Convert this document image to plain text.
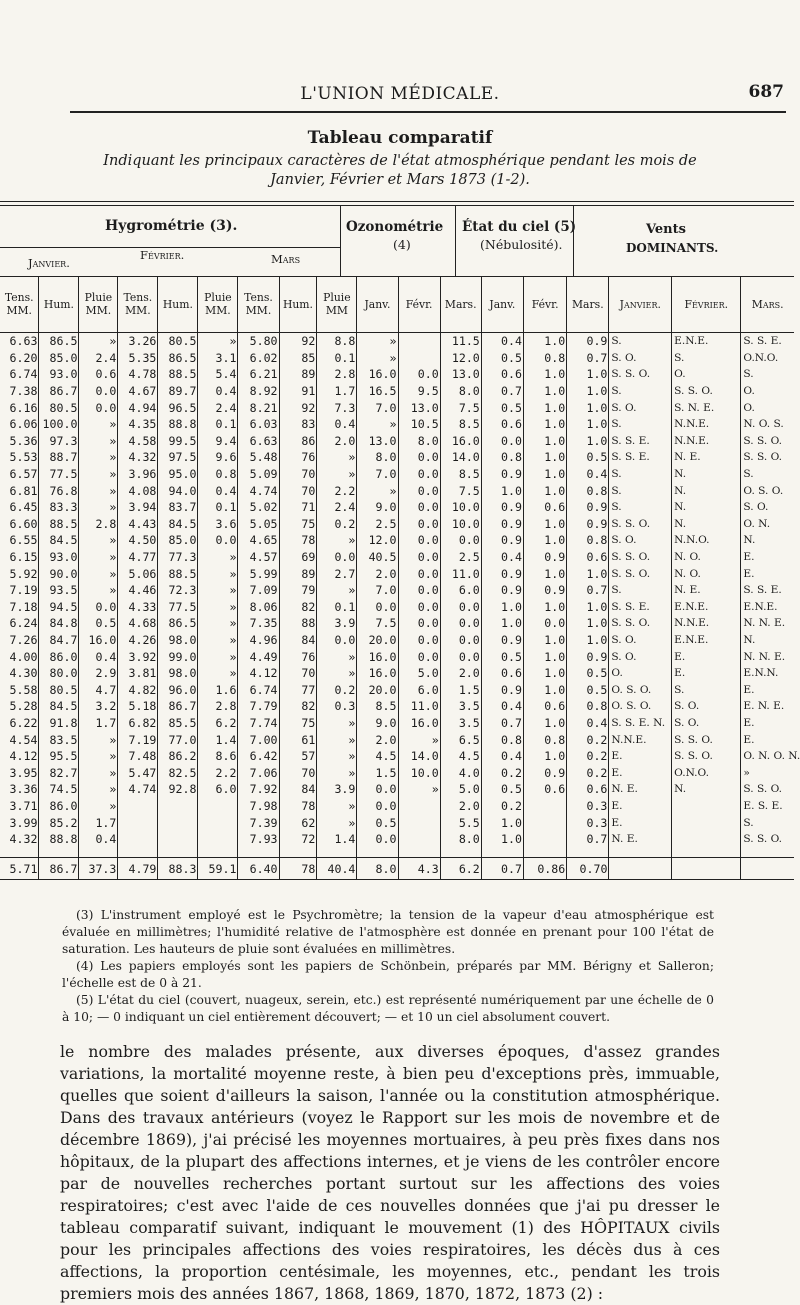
L'UNION MÉDICALE.	687
Tableau comparatif
Indiquant les principaux caractères de l'état atmosphérique pendant les mois de Janvier, Février et Mars 1873 (1-2).
Hygrométrie (3).	Ozonométrie
(4)
État du ciel (5)
(Nébulosité).
Vents
DOMINANTS.
Janvier.
Février.	Mars
Tens. MM.	Hum.	Pluie MM.	Tens. MM.	Hum.	Pluie MM.	Tens. MM.	Hum.	Pluie MM	Janv.	Févr.	Mars.	Janv.	Févr.	Mars.	Janvier.	Février.	Mars.
6.63	86.5	»	3.26	80.5	»	5.80	92	8.8	»		11.5	0.4	1.0	0.9	S.	E.N.E.	S. S. E.
6.20	85.0	2.4	5.35	86.5	3.1	6.02	85	0.1	»		12.0	0.5	0.8	0.7	S. O.	S.	O.N.O.
6.74	93.0	0.6	4.78	88.5	5.4	6.21	89	2.8	16.0	0.0	13.0	0.6	1.0	1.0	S. S. O.	O.	S.
7.38	86.7	0.0	4.67	89.7	0.4	8.92	91	1.7	16.5	9.5	8.0	0.7	1.0	1.0	S.	S. S. O.	O.
6.16	80.5	0.0	4.94	96.5	2.4	8.21	92	7.3	7.0	13.0	7.5	0.5	1.0	1.0	S. O.	S. N. E.	O.
6.06	100.0	»	4.35	88.8	0.1	6.03	83	0.4	»	10.5	8.5	0.6	1.0	1.0	S.	N.N.E.	N. O. S.
5.36	97.3	»	4.58	99.5	9.4	6.63	86	2.0	13.0	8.0	16.0	0.0	1.0	1.0	S. S. E.	N.N.E.	S. S. O.
5.53	88.7	»	4.32	97.5	9.6	5.48	76	»	8.0	0.0	14.0	0.8	1.0	0.5	S. S. E.	N. E.	S. S. O.
6.57	77.5	»	3.96	95.0	0.8	5.09	70	»	7.0	0.0	8.5	0.9	1.0	0.4	S.	N.	S.
6.81	76.8	»	4.08	94.0	0.4	4.74	70	2.2	»	0.0	7.5	1.0	1.0	0.8	S.	N.	O. S. O.
6.45	83.3	»	3.94	83.7	0.1	5.02	71	2.4	9.0	0.0	10.0	0.9	0.6	0.9	S.	N.	S. O.
6.60	88.5	2.8	4.43	84.5	3.6	5.05	75	0.2	2.5	0.0	10.0	0.9	1.0	0.9	S. S. O.	N.	O. N.
6.55	84.5	»	4.50	85.0	0.0	4.65	78	»	12.0	0.0	0.0	0.9	1.0	0.8	S. O.	N.N.O.	N.
6.15	93.0	»	4.77	77.3	»	4.57	69	0.0	40.5	0.0	2.5	0.4	0.9	0.6	S. S. O.	N. O.	E.
5.92	90.0	»	5.06	88.5	»	5.99	89	2.7	2.0	0.0	11.0	0.9	1.0	1.0	S. S. O.	N. O.	E.
7.19	93.5	»	4.46	72.3	»	7.09	79	»	7.0	0.0	6.0	0.9	0.9	0.7	S.	N. E.	S. S. E.
7.18	94.5	0.0	4.33	77.5	»	8.06	82	0.1	0.0	0.0	0.0	1.0	1.0	1.0	S. S. E.	E.N.E.	E.N.E.
6.24	84.8	0.5	4.68	86.5	»	7.35	88	3.9	7.5	0.0	0.0	1.0	0.0	1.0	S. S. O.	N.N.E.	N. N. E.
7.26	84.7	16.0	4.26	98.0	»	4.96	84	0.0	20.0	0.0	0.0	0.9	1.0	1.0	S. O.	E.N.E.	N.
4.00	86.0	0.4	3.92	99.0	»	4.49	76	»	16.0	0.0	0.0	0.5	1.0	0.9	S. O.	E.	N. N. E.
4.30	80.0	2.9	3.81	98.0	»	4.12	70	»	16.0	5.0	2.0	0.6	1.0	0.5	O.	E.	E.N.N.
5.58	80.5	4.7	4.82	96.0	1.6	6.74	77	0.2	20.0	6.0	1.5	0.9	1.0	0.5	O. S. O.	S.	E.
5.28	84.5	3.2	5.18	86.7	2.8	7.79	82	0.3	8.5	11.0	3.5	0.4	0.6	0.8	O. S. O.	S. O.	E. N. E.
6.22	91.8	1.7	6.82	85.5	6.2	7.74	75	»	9.0	16.0	3.5	0.7	1.0	0.4	S. S. E. N.	S. O.	E.
4.54	83.5	»	7.19	77.0	1.4	7.00	61	»	2.0	»	6.5	0.8	0.8	0.2	N.N.E.	S. S. O.	E.
4.12	95.5	»	7.48	86.2	8.6	6.42	57	»	4.5	14.0	4.5	0.4	1.0	0.2	E.	S. S. O.	O. N. O. N.
3.95	82.7	»	5.47	82.5	2.2	7.06	70	»	1.5	10.0	4.0	0.2	0.9	0.2	E.	O.N.O.	»
3.36	74.5	»	4.74	92.8	6.0	7.92	84	3.9	0.0	»	5.0	0.5	0.6	0.6	N. E.	N.	S. S. O.
3.71	86.0	»				7.98	78	»	0.0		2.0	0.2		0.3	E.		E. S. E.
3.99	85.2	1.7				7.39	62	»	0.5		5.5	1.0		0.3	E.		S.
4.32	88.8	0.4				7.93	72	1.4	0.0		8.0	1.0		0.7	N. E.		S. S. O.

5.71	86.7	37.3	4.79	88.3	59.1	6.40	78	40.4	8.0	4.3	6.2	0.7	0.86	0.70			

(3) L'instrument employé est le Psychromètre; la tension de la vapeur d'eau atmosphérique est évaluée en millimètres; l'humidité relative de l'atmosphère est donnée en prenant pour 100 l'état de saturation. Les hauteurs de pluie sont évaluées en millimètres.

(4) Les papiers employés sont les papiers de Schönbein, préparés par MM. Bérigny et Salleron; l'échelle est de 0 à 21.

(5) L'état du ciel (couvert, nuageux, serein, etc.) est représenté numériquement par une échelle de 0 à 10; — 0 indiquant un ciel entièrement découvert; — et 10 un ciel absolument couvert.

le nombre des malades présente, aux diverses époques, d'assez grandes variations, la mortalité moyenne reste, à bien peu d'exceptions près, immuable, quelles que soient d'ailleurs la saison, l'année ou la constitution atmosphérique. Dans des travaux antérieurs (voyez le Rapport sur les mois de novembre et de décembre 1869), j'ai précisé les moyennes mortuaires, à peu près fixes dans nos hôpitaux, de la plupart des affections internes, et je viens de les contrôler encore par de nouvelles recherches portant surtout sur les affections des voies respiratoires; c'est avec l'aide de ces nouvelles données que j'ai pu dresser le tableau comparatif suivant, indiquant le mouvement (1) des HÔPITAUX civils pour les principales affections des voies respiratoires, les décès dus à ces affections, la proportion centésimale, les moyennes, etc., pendant les trois premiers mois des années 1867, 1868, 1869, 1870, 1872, 1873 (2) :
